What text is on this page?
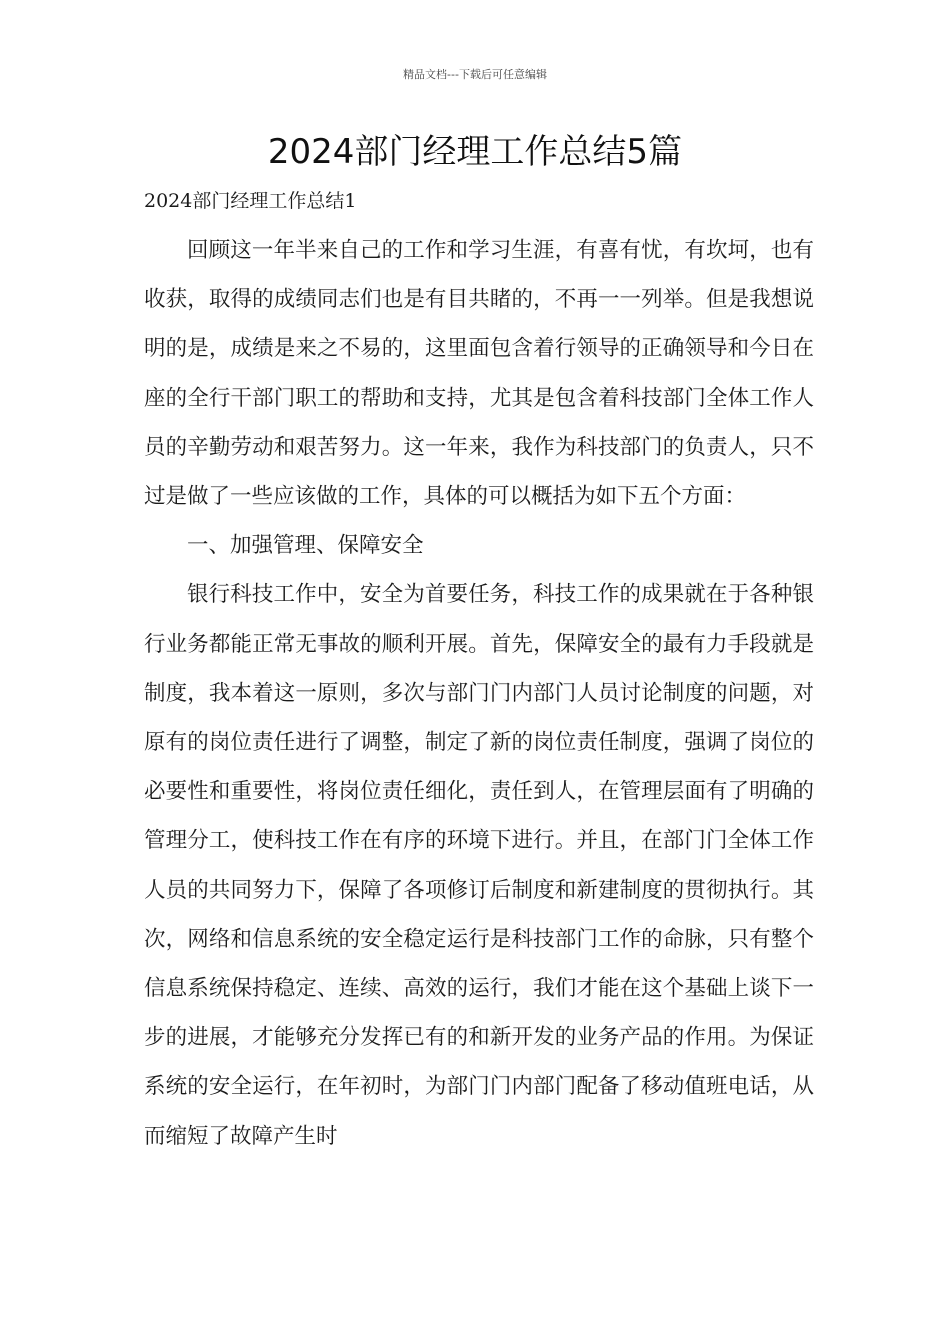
精品文档---下载后可任意编辑
2024部门经理工作总结5篇

2024部门经理工作总结1

回顾这一年半来自己的工作和学习生涯，有喜有忧，有坎坷，也有收获，取得的成绩同志们也是有目共睹的，不再一一列举。但是我想说明的是，成绩是来之不易的，这里面包含着行领导的正确领导和今日在座的全行干部门职工的帮助和支持，尤其是包含着科技部门全体工作人员的辛勤劳动和艰苦努力。这一年来，我作为科技部门的负责人，只不过是做了一些应该做的工作，具体的可以概括为如下五个方面：

一、加强管理、保障安全

银行科技工作中，安全为首要任务，科技工作的成果就在于各种银行业务都能正常无事故的顺利开展。首先，保障安全的最有力手段就是制度，我本着这一原则，多次与部门门内部门人员讨论制度的问题，对原有的岗位责任进行了调整，制定了新的岗位责任制度，强调了岗位的必要性和重要性，将岗位责任细化，责任到人，在管理层面有了明确的管理分工，使科技工作在有序的环境下进行。并且，在部门门全体工作人员的共同努力下，保障了各项修订后制度和新建制度的贯彻执行。其次，网络和信息系统的安全稳定运行是科技部门工作的命脉，只有整个信息系统保持稳定、连续、高效的运行，我们才能在这个基础上谈下一步的进展，才能够充分发挥已有的和新开发的业务产品的作用。为保证系统的安全运行，在年初时，为部门门内部门配备了移动值班电话，从而缩短了故障产生时
